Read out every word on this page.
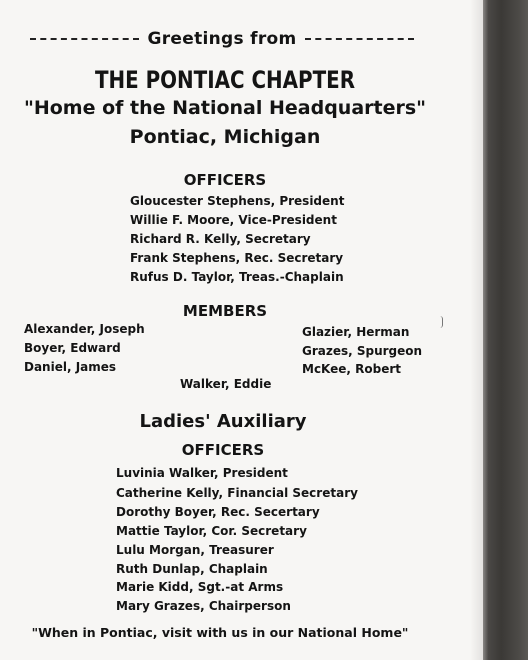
Greetings from
THE PONTIAC CHAPTER
"Home of the National Headquarters"
Pontiac, Michigan
OFFICERS
Gloucester Stephens, President
Willie F. Moore, Vice-President
Richard R. Kelly, Secretary
Frank Stephens, Rec. Secretary
Rufus D. Taylor, Treas.-Chaplain
MEMBERS
Alexander, Joseph
Boyer, Edward
Daniel, James
Glazier, Herman
Grazes, Spurgeon
McKee, Robert
Walker, Eddie
Ladies' Auxiliary
OFFICERS
Luvinia Walker, President
Catherine Kelly, Financial Secretary
Dorothy Boyer, Rec. Secertary
Mattie Taylor, Cor. Secretary
Lulu Morgan, Treasurer
Ruth Dunlap, Chaplain
Marie Kidd, Sgt.-at Arms
Mary Grazes, Chairperson
"When in Pontiac, visit with us in our National Home"
